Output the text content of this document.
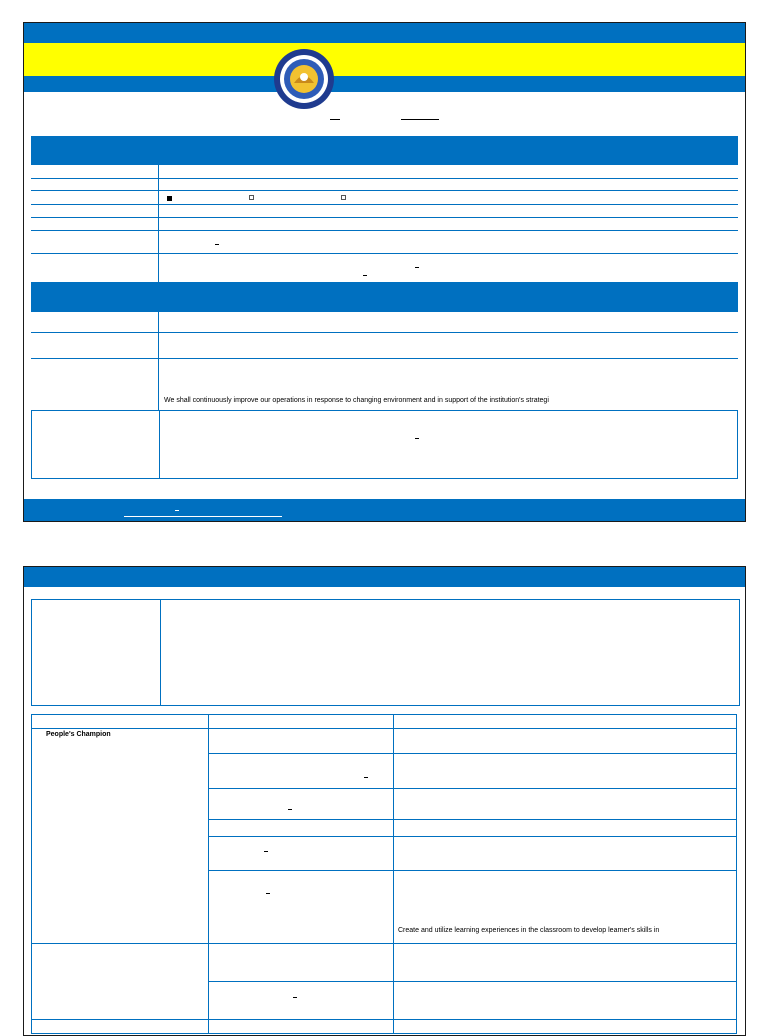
We shall continuously improve our operations in response to changing environment and in support of the institution's strategi
People's Champion
Create and utilize learning experiences in the classroom to develop learner's skills in
